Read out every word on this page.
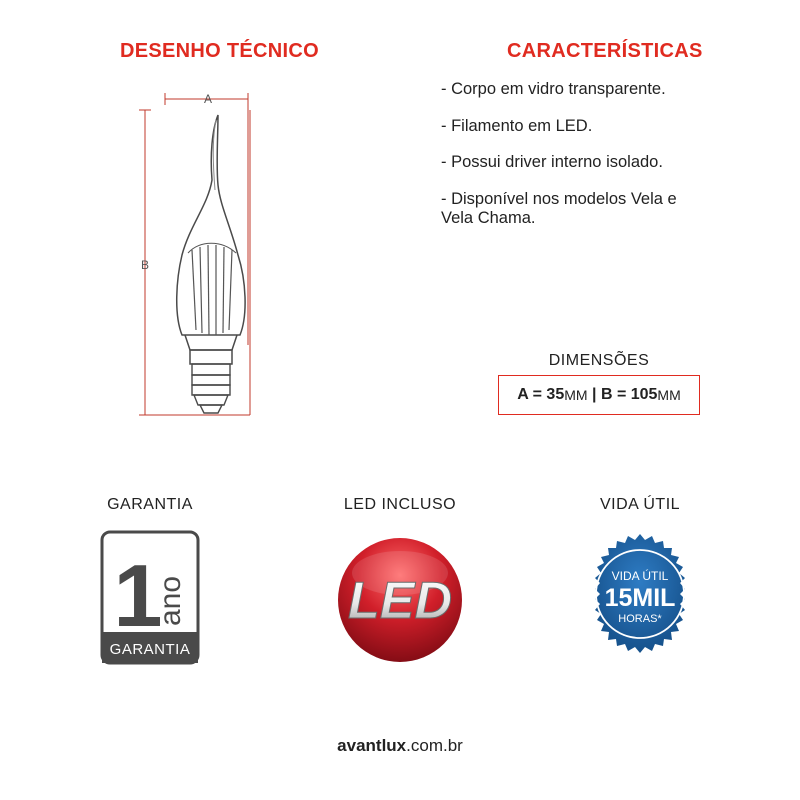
DESENHO TÉCNICO
A
B
CARACTERÍSTICAS
- Corpo em vidro transparente.
- Filamento em LED.
- Possui driver interno isolado.
- Disponível nos modelos Vela e Vela Chama.
DIMENSÕES
A = 35 MM | B = 105 MM
GARANTIA	LED INCLUSO	VIDA ÚTIL
1
ano
GARANTIA
LED	VIDA ÚTIL
15MIL
HORAS*
avantlux.com.br
